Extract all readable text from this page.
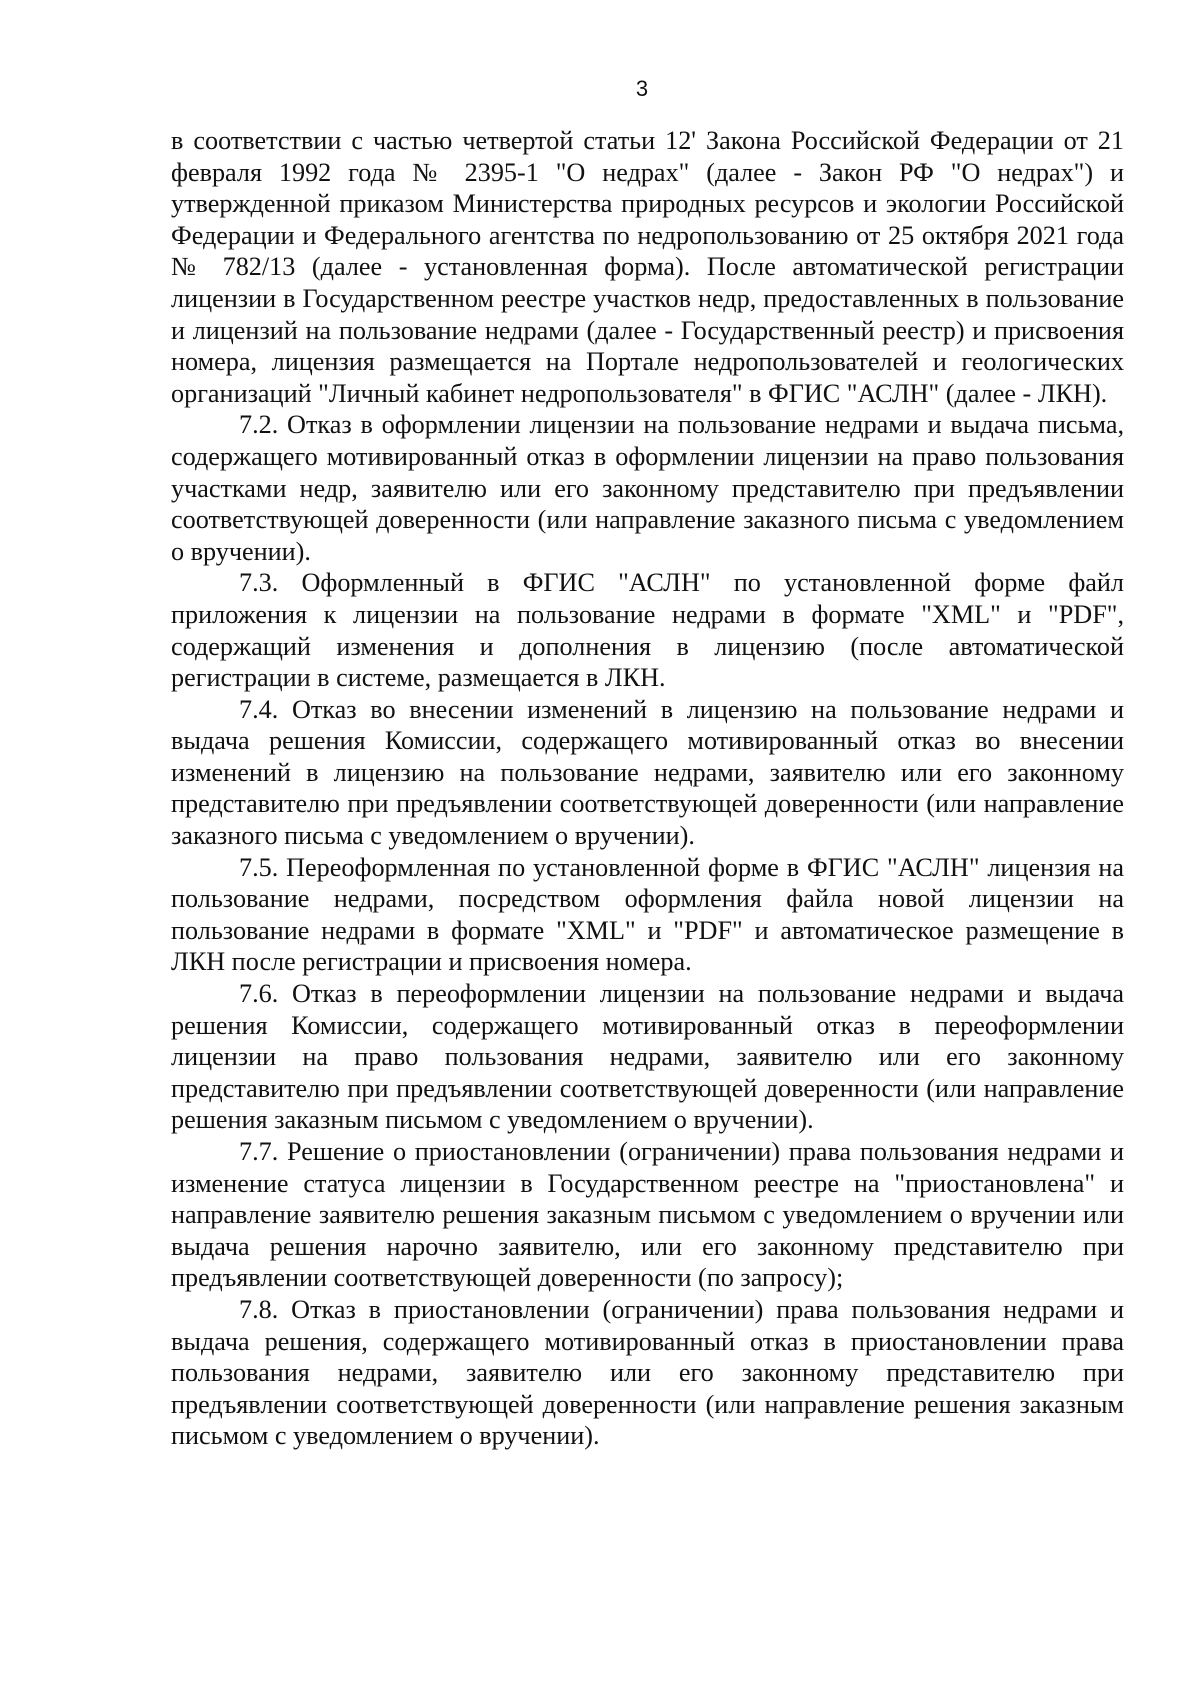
3

в соответствии с частью четвертой статьи 12' Закона Российской Федерации от 21 февраля 1992 года № 2395-1 "О недрах" (далее - Закон РФ "О недрах") и утвержденной приказом Министерства природных ресурсов и экологии Российской Федерации и Федерального агентства по недропользованию от 25 октября 2021 года № 782/13 (далее - установленная форма). После автоматической регистрации лицензии в Государственном реестре участков недр, предоставленных в пользование и лицензий на пользование недрами (далее - Государственный реестр) и присвоения номера, лицензия размещается на Портале недропользователей и геологических организаций "Личный кабинет недропользователя" в ФГИС "АСЛН" (далее - ЛКН).

7.2. Отказ в оформлении лицензии на пользование недрами и выдача письма, содержащего мотивированный отказ в оформлении лицензии на право пользования участками недр, заявителю или его законному представителю при предъявлении соответствующей доверенности (или направление заказного письма с уведомлением о вручении).

7.3. Оформленный в ФГИС "АСЛН" по установленной форме файл приложения к лицензии на пользование недрами в формате "XML" и "PDF", содержащий изменения и дополнения в лицензию (после автоматической регистрации в системе, размещается в ЛКН.

7.4. Отказ во внесении изменений в лицензию на пользование недрами и выдача решения Комиссии, содержащего мотивированный отказ во внесении изменений в лицензию на пользование недрами, заявителю или его законному представителю при предъявлении соответствующей доверенности (или направление заказного письма с уведомлением о вручении).

7.5. Переоформленная по установленной форме в ФГИС "АСЛН" лицензия на пользование недрами, посредством оформления файла новой лицензии на пользование недрами в формате "XML" и "PDF" и автоматическое размещение в ЛКН после регистрации и присвоения номера.

7.6. Отказ в переоформлении лицензии на пользование недрами и выдача решения Комиссии, содержащего мотивированный отказ в переоформлении лицензии на право пользования недрами, заявителю или его законному представителю при предъявлении соответствующей доверенности (или направление решения заказным письмом с уведомлением о вручении).

7.7. Решение о приостановлении (ограничении) права пользования недрами и изменение статуса лицензии в Государственном реестре на "приостановлена" и направление заявителю решения заказным письмом с уведомлением о вручении или выдача решения нарочно заявителю, или его законному представителю при предъявлении соответствующей доверенности (по запросу);

7.8. Отказ в приостановлении (ограничении) права пользования недрами и выдача решения, содержащего мотивированный отказ в приостановлении права пользования недрами, заявителю или его законному представителю при предъявлении соответствующей доверенности (или направление решения заказным письмом с уведомлением о вручении).
